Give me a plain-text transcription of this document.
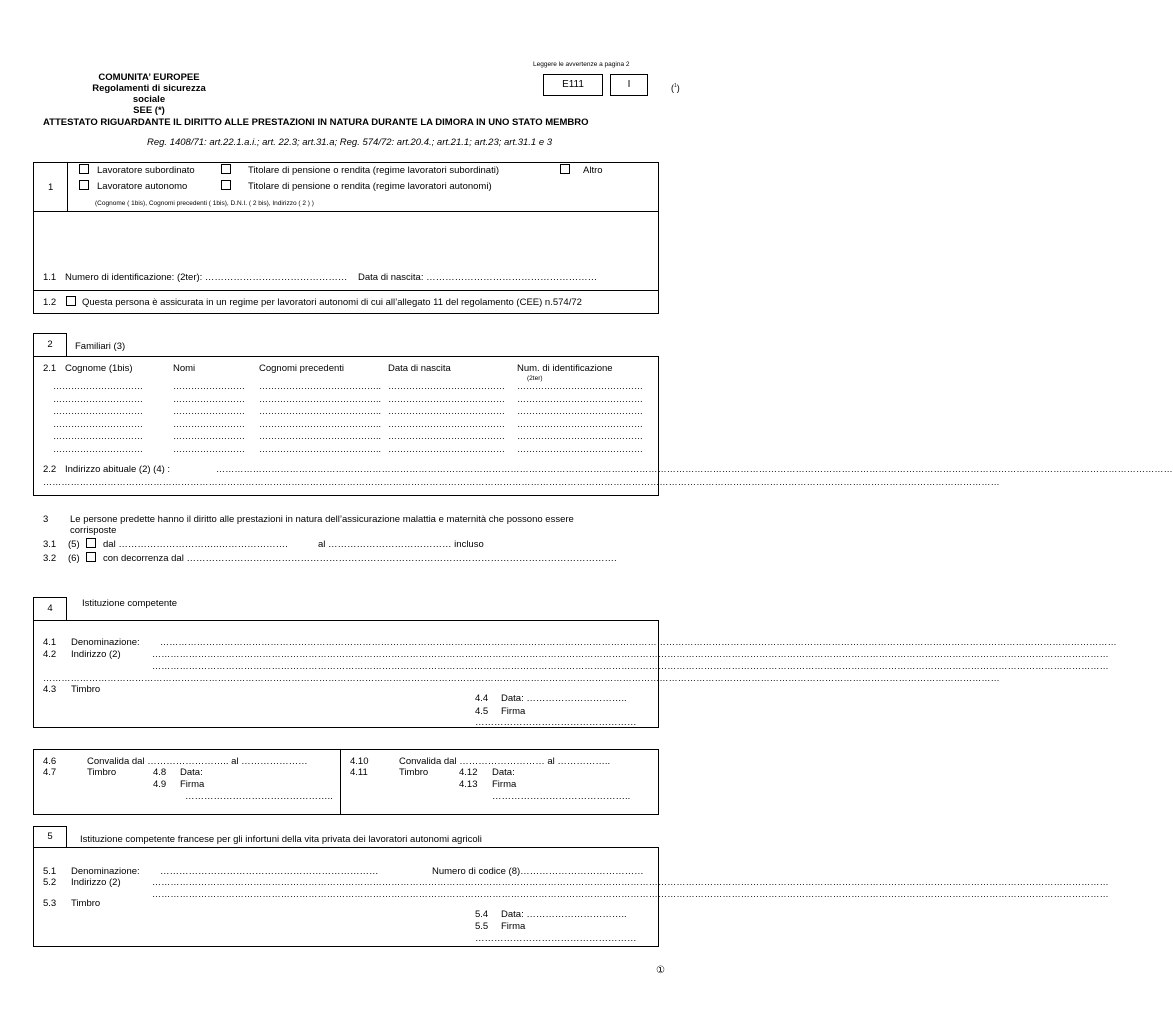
Leggere le avvertenze a pagina 2
COMUNITA’ EUROPEE
Regolamenti di sicurezza sociale
SEE (*)
E111	I	($^1$)
ATTESTATO RIGUARDANTE IL DIRITTO ALLE PRESTAZIONI IN NATURA DURANTE LA DIMORA IN UNO STATO MEMBRO
Reg. 1408/71: art.22.1.a.i.; art. 22.3; art.31.a; Reg. 574/72: art.20.4.; art.21.1; art.23; art.31.1 e 3
1
Lavoratore subordinato
Lavoratore autonomo
Titolare di pensione o rendita (regime lavoratori subordinati)
Titolare di pensione o rendita (regime lavoratori autonomi)
Altro
(Cognome ( 1bis), Cognomi precedenti ( 1bis), D.N.I. ( 2 bis), Indirizzo ( 2 ) )
1.1 Numero di identificazione: (2ter): ……………………………………… Data di nascita: ………………………………………………
1.2	Questa persona è assicurata in un regime per lavoratori autonomi di cui all’allegato 11 del regolamento (CEE) n.574/72
2	Familiari (3)
2.1 Cognome (1bis)	Nomi	Cognomi precedenti	Data di nascita	Num. di identificazione
(2ter)
…………………………	…………………… ………………………………….. ………………………………… ……………………………………
…………………………	…………………… ………………………………….. ………………………………… ……………………………………
…………………………	…………………… ………………………………….. ………………………………… ……………………………………
…………………………	…………………… ………………………………….. ………………………………… ……………………………………
…………………………	…………………… ………………………………….. ………………………………… ……………………………………
…………………………	…………………… ………………………………….. ………………………………… ……………………………………
2.2 Indirizzo abituale (2) (4) :	……………………………………………………………………………………………………………………………………………………………………………………………………………………………………………………………………………………
……………………………………………………………………………………………………………………………………………………………………………………………………………………………………………………………………………………
3 Le persone predette hanno il diritto alle prestazioni in natura dell’assicurazione malattia e maternità che possono essere corrisposte
3.1 (5) dal …………………………..………………….	al ………………………………… incluso
3.2 (6) con decorrenza dal ……………………………………………………………………………………………………………………….
4	Istituzione competente
4.1 Denominazione: ……………………………………………………………………………………………………………………………………………………………………………………………………………………………………………………………………………………
4.2 Indirizzo (2)	……………………………………………………………………………………………………………………………………………………………………………………………………………………………………………………………………………………
……………………………………………………………………………………………………………………………………………………………………………………………………………………………………………………………………………………
……………………………………………………………………………………………………………………………………………………………………………………………………………………………………………………………………………………
4.3 Timbro
4.4 Data: …………………………..
4.5 Firma
……………………………………………
4.6	Convalida dal …………………….. al …………………
4.7	Timbro	4.8 Data:
4.9 Firma
………………………………………..
4.10	Convalida dal ……………………… al ……………..
4.11	Timbro	4.12 Data:
4.13 Firma
……………………………………..
5	Istituzione competente francese per gli infortuni della vita privata dei lavoratori autonomi agricoli
5.1 Denominazione: ……………………………………………………………	Numero di codice (8)…………………………………
5.2 Indirizzo (2)	……………………………………………………………………………………………………………………………………………………………………………………………………………………………………………………………………………………
……………………………………………………………………………………………………………………………………………………………………………………………………………………………………………………………………………………
5.3 Timbro
5.4 Data: …………………………..
5.5 Firma
……………………………………………
①
